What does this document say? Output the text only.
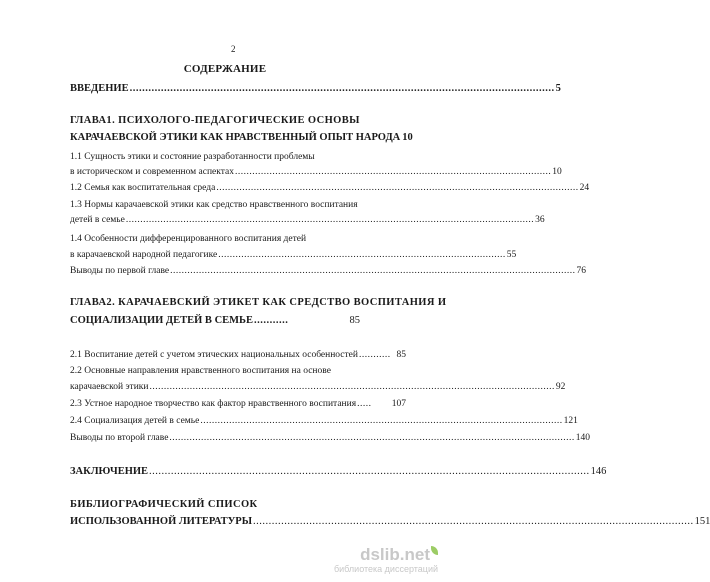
2
СОДЕРЖАНИЕ
ВВЕДЕНИЕ ........................................................................................................................................ 5
ГЛАВА1. ПСИХОЛОГО-ПЕДАГОГИЧЕСКИЕ ОСНОВЫ
КАРАЧАЕВСКОЙ ЭТИКИ КАК НРАВСТВЕННЫЙ ОПЫТ НАРОДА 10
1.1 Сущность этики и состояние разработанности проблемы
в историческом и современном аспектах .............................................................................................................. 10
1.2 Семья как воспитательная среда .............................................................................................................................. 24
1.3 Нормы карачаевской этики как средство нравственного воспитания
детей в семье .............................................................................................................................................. 36
1.4 Особенности дифференцированного воспитания детей
в карачаевской народной педагогике .................................................................................................... 55
Выводы по первой главе ............................................................................................................................................. 76
ГЛАВА2. КАРАЧАЕВСКИЙ ЭТИКЕТ КАК СРЕДСТВО ВОСПИТАНИЯ И
СОЦИАЛИЗАЦИИ ДЕТЕЙ В СЕМЬЕ ...........	85
2.1 Воспитание детей с учетом этических национальных особенностей ........... 85
2.2 Основные направления нравственного воспитания на основе
карачаевской этики ............................................................................................................................................. 92
2.3 Устное народное творчество как фактор нравственного воспитания .....	107
2.4 Социализация детей в семье .............................................................................................................................. 121
Выводы по второй главе ............................................................................................................................................. 140
ЗАКЛЮЧЕНИЕ ............................................................................................................................................. 146
БИБЛИОГРАФИЧЕСКИЙ СПИСОК
ИСПОЛЬЗОВАННОЙ ЛИТЕРАТУРЫ ............................................................................................................................................. 151
dslib.net
библиотека диссертаций
